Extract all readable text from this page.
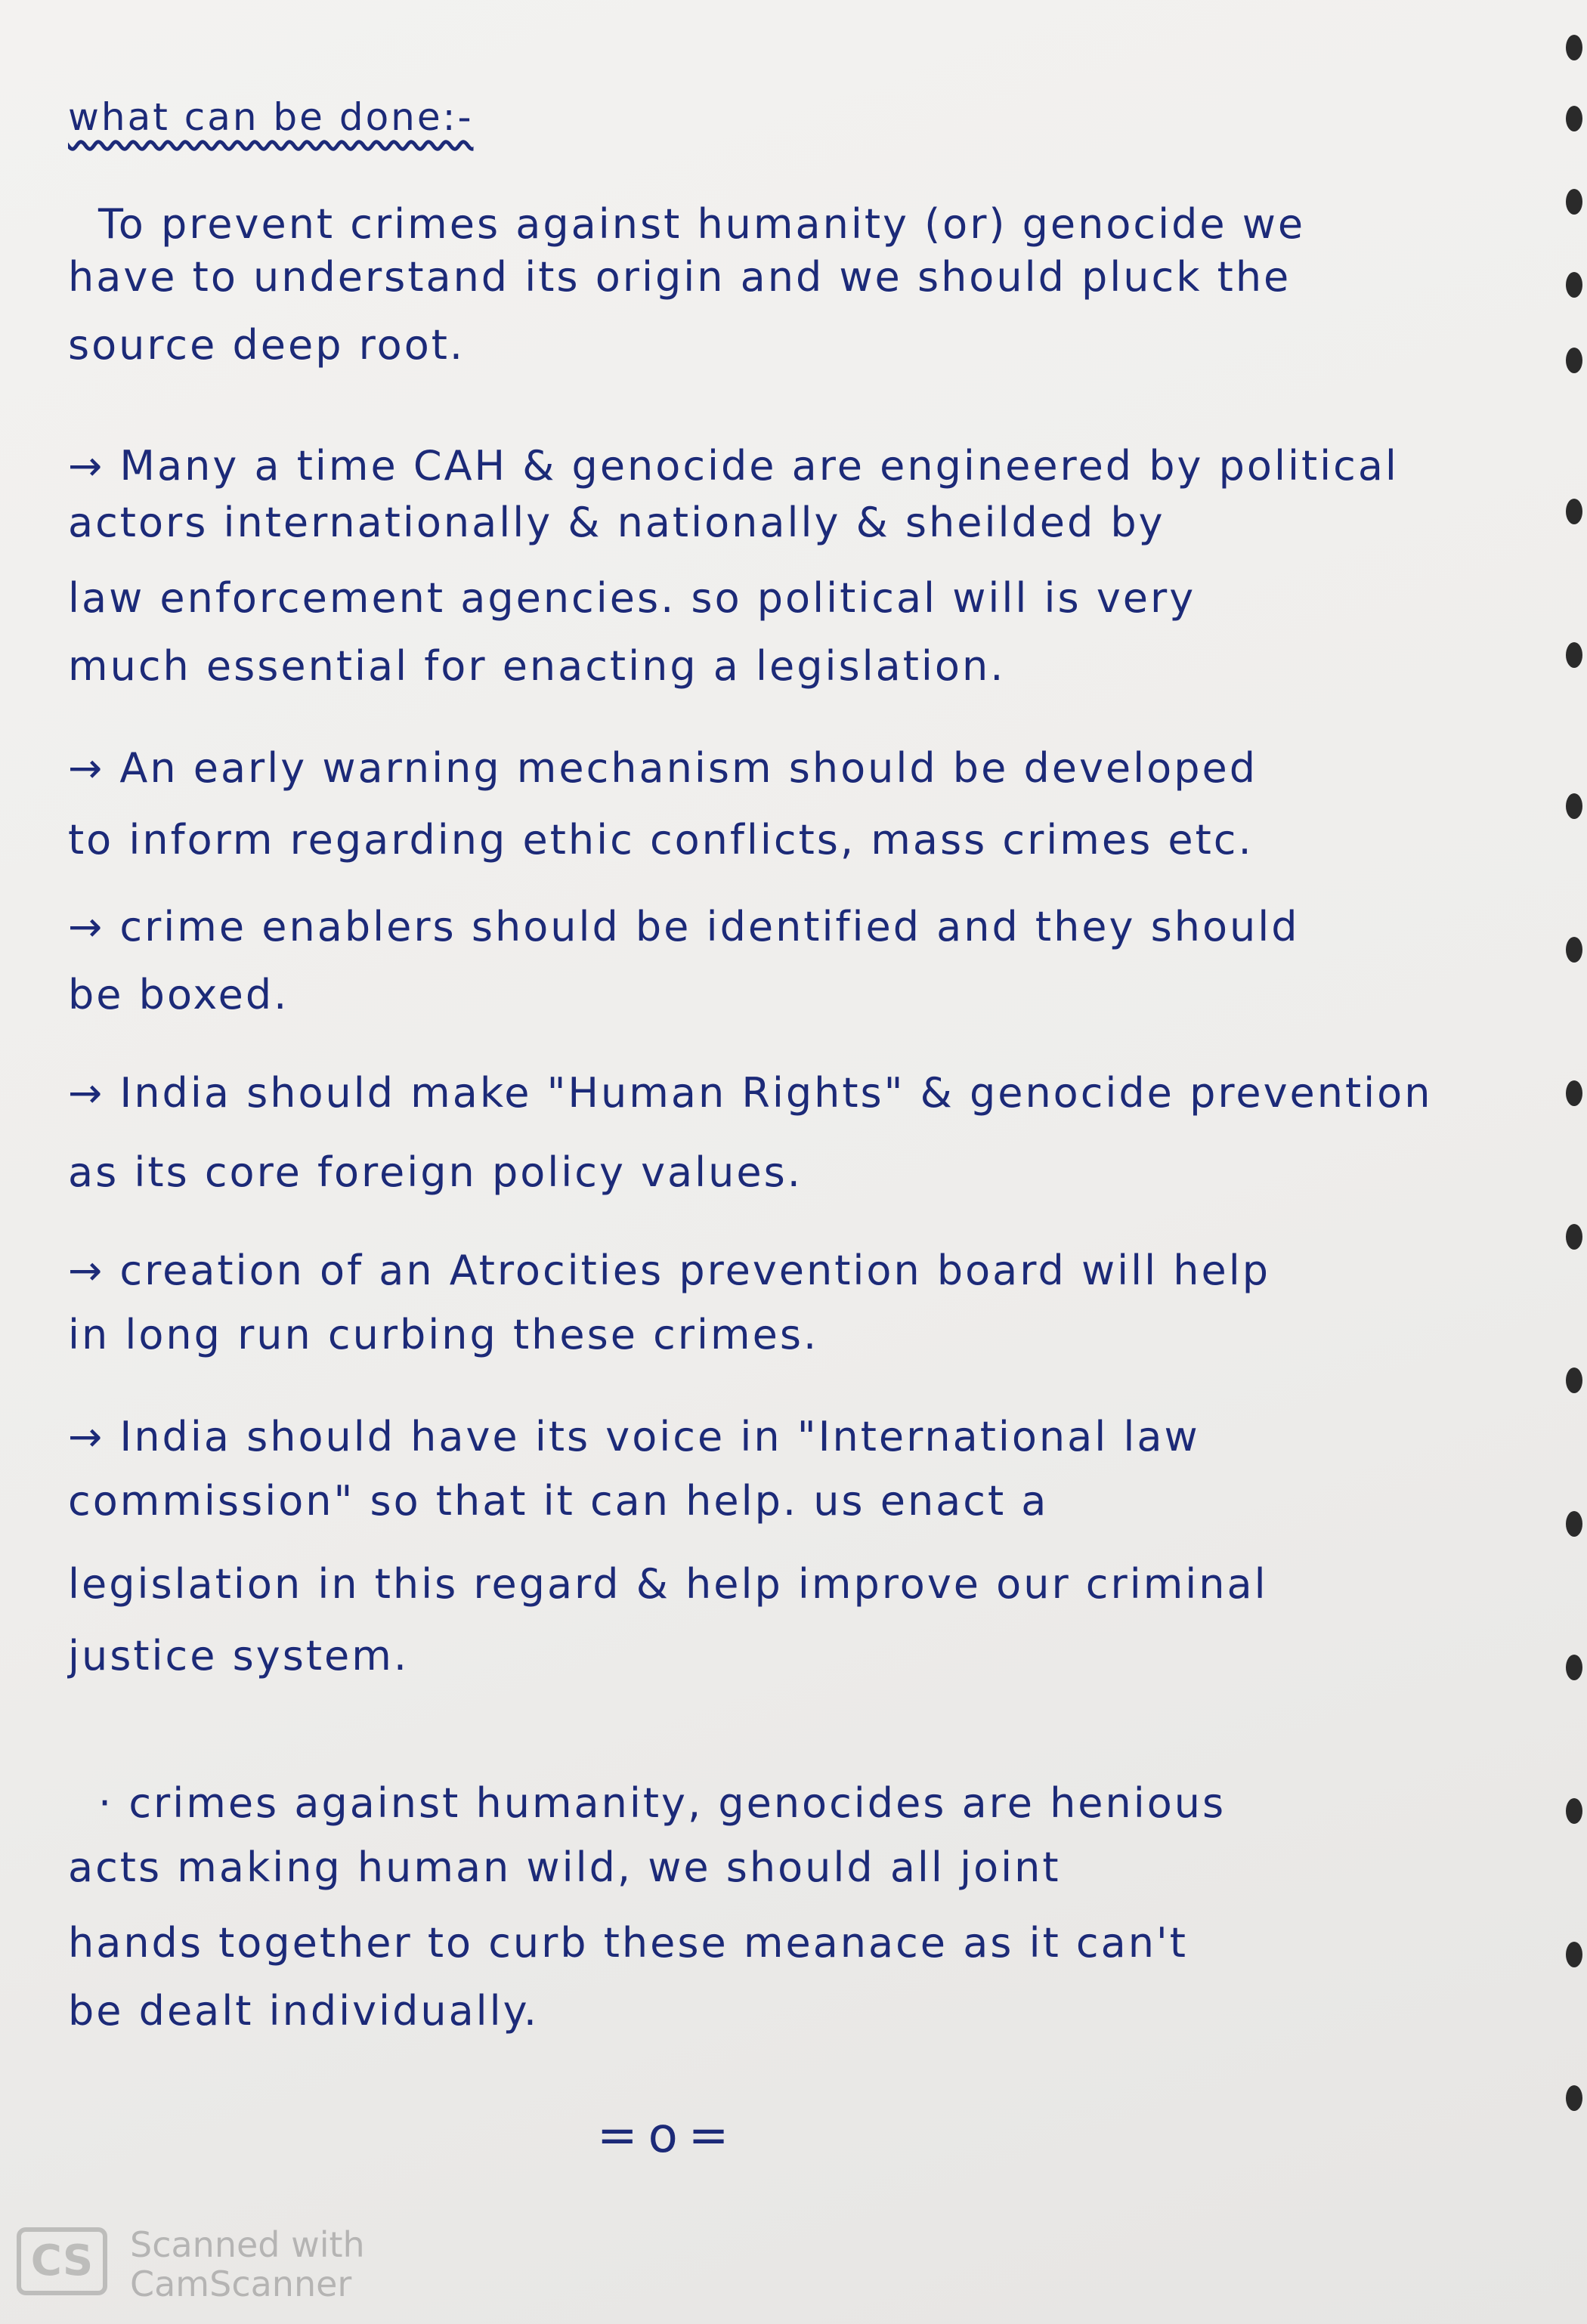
what can be done:-
To prevent crimes against humanity (or) genocide we
have to understand its origin and we should pluck the
source deep root.
→ Many a time CAH & genocide are engineered by political
actors internationally & nationally & sheilded by
law enforcement agencies. so political will is very
much essential for enacting a legislation.
→ An early warning mechanism should be developed
to inform regarding ethic conflicts, mass crimes etc.
→ crime enablers should be identified and they should
be boxed.
→ India should make "Human Rights" & genocide prevention
as its core foreign policy values.
→ creation of an Atrocities prevention board will help
in long run curbing these crimes.
→ India should have its voice in "International law
commission" so that it can help. us enact a
legislation in this regard & help improve our criminal
justice system.
· crimes against humanity, genocides are henious
acts making human wild, we should all joint
hands together to curb these meanace as it can't
be dealt individually.
=o=
CS	Scanned with
CamScanner
